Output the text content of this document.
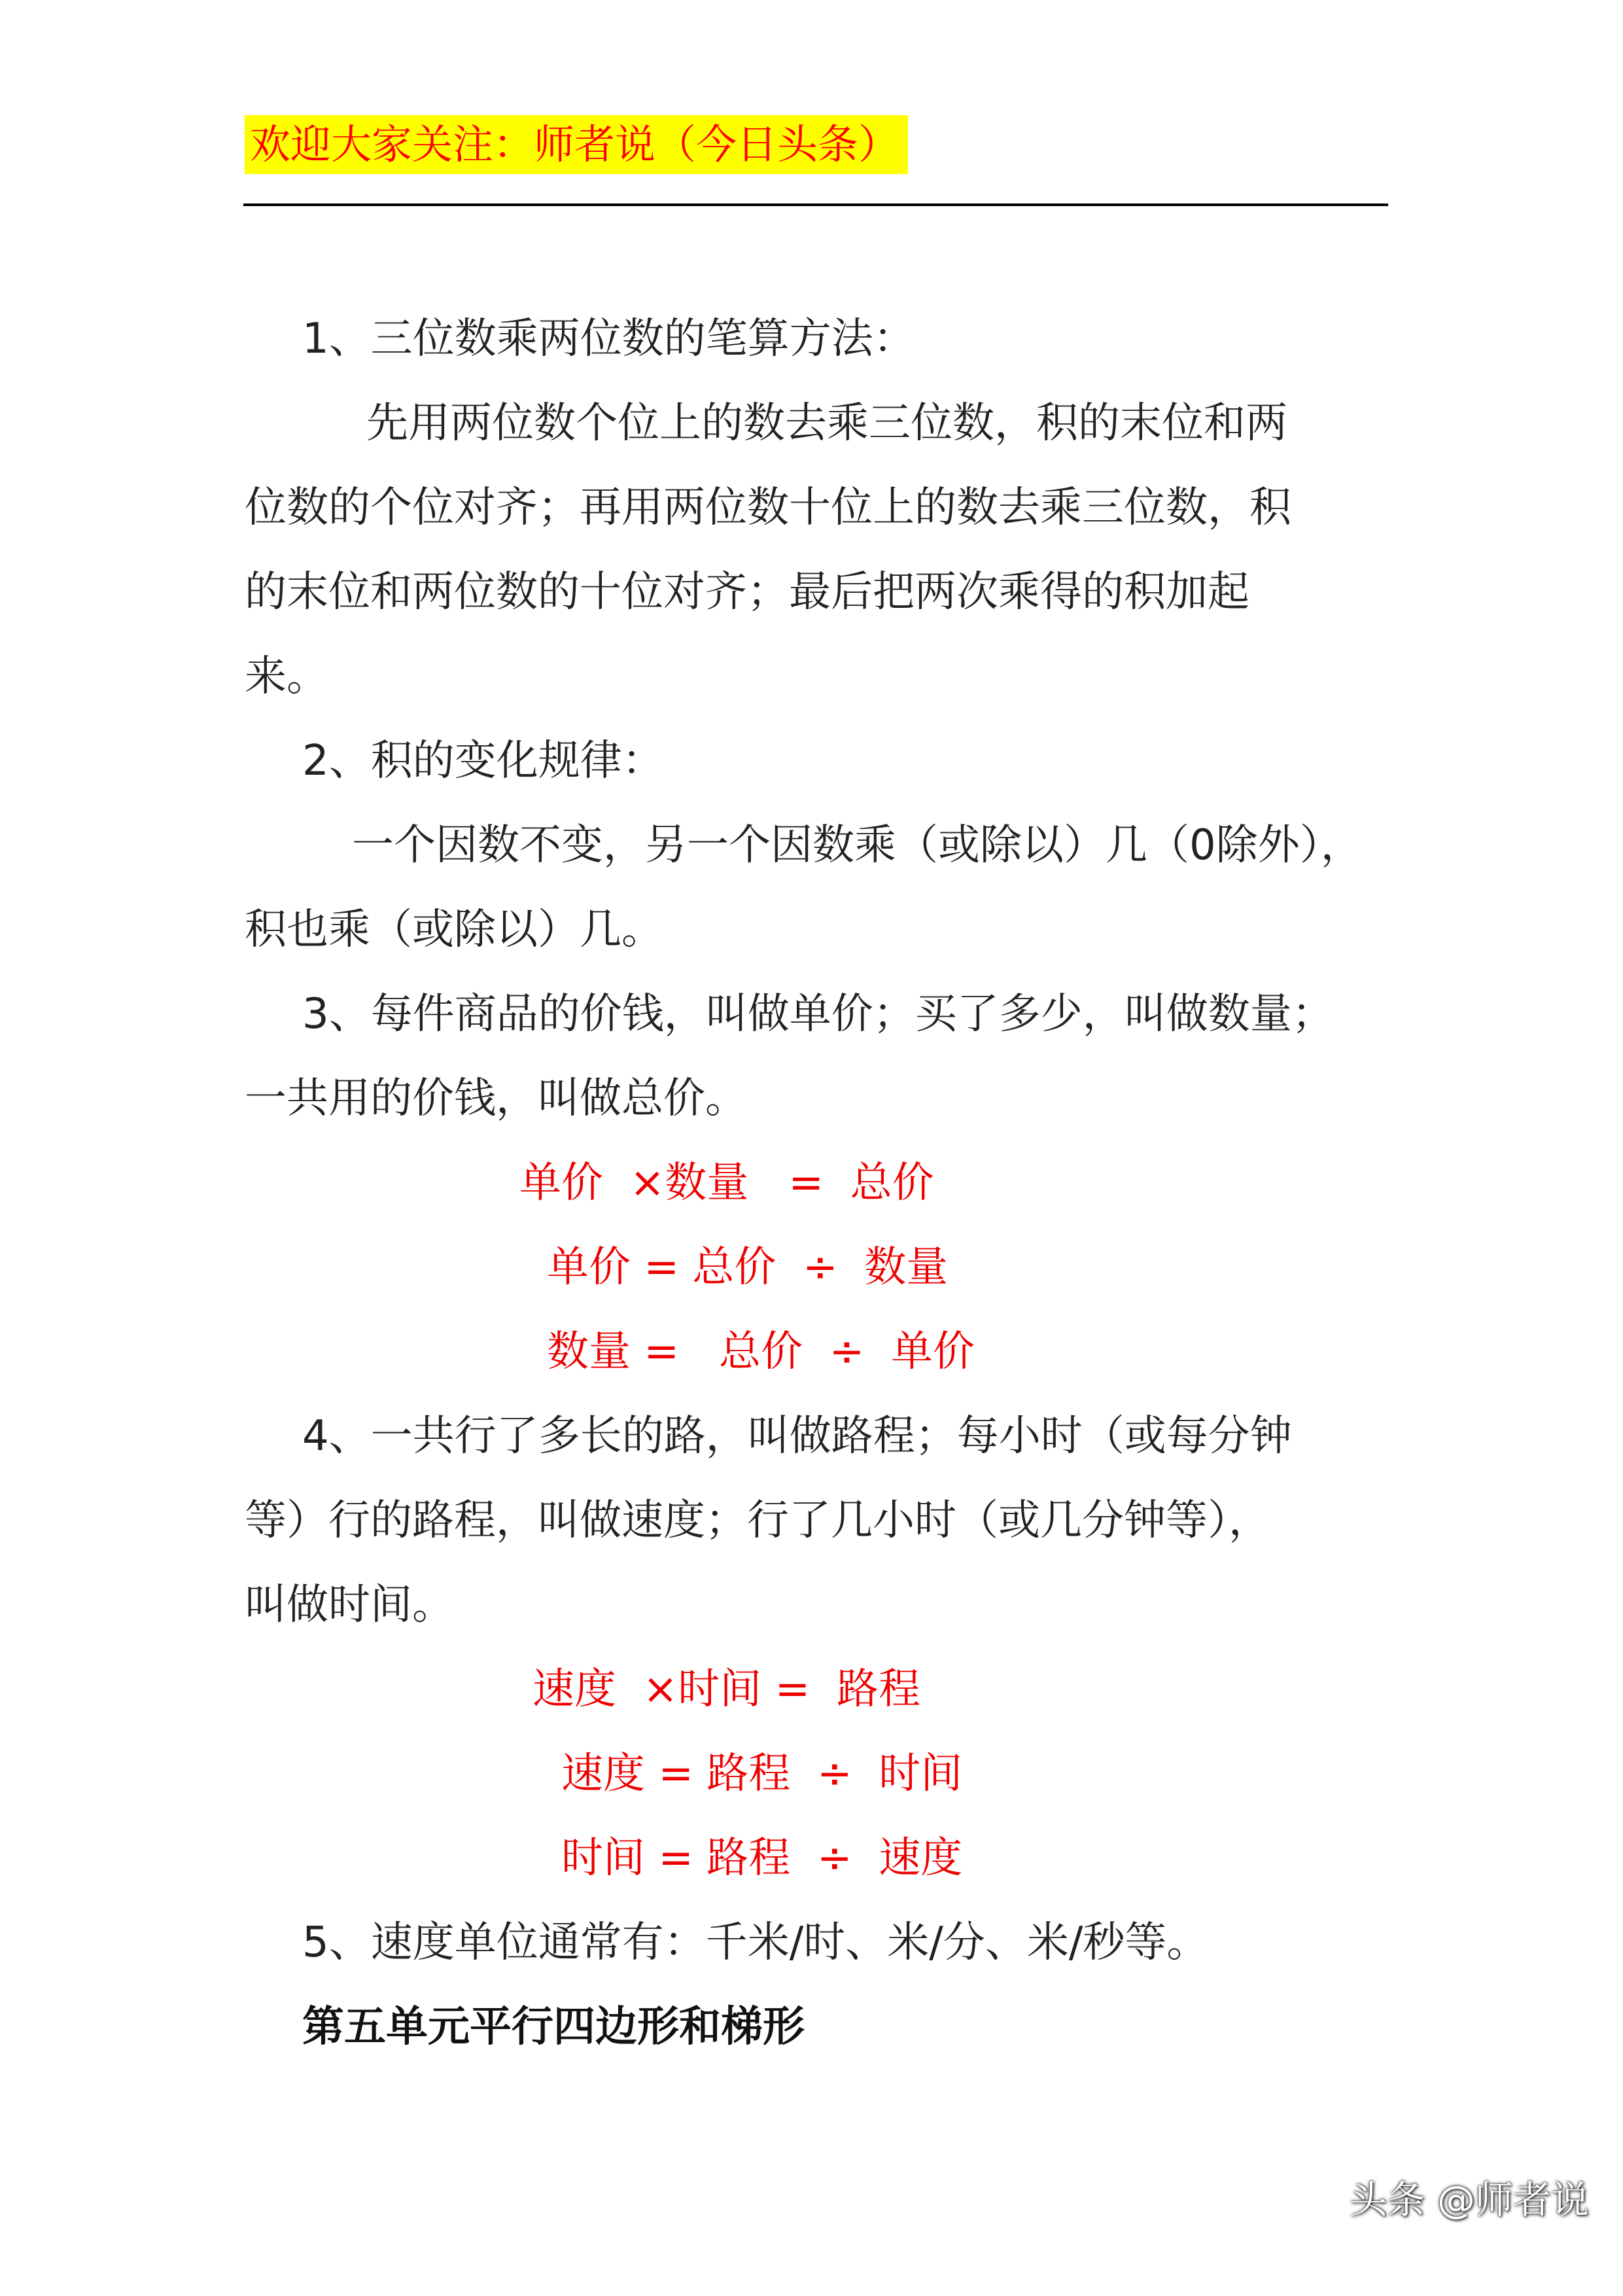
欢迎大家关注：师者说（今日头条）
1、三位数乘两位数的笔算方法：
先用两位数个位上的数去乘三位数，积的末位和两
位数的个位对齐；再用两位数十位上的数去乘三位数，积
的末位和两位数的十位对齐；最后把两次乘得的积加起
来。
2、积的变化规律：
一个因数不变，另一个因数乘（或除以）几（0除外），
积也乘（或除以）几。
3、每件商品的价钱，叫做单价；买了多少，叫做数量；
一共用的价钱，叫做总价。
单价  ×数量   =  总价
单价 = 总价  ÷  数量
数量 =   总价  ÷  单价
4、一共行了多长的路，叫做路程；每小时（或每分钟
等）行的路程，叫做速度；行了几小时（或几分钟等），
叫做时间。
速度  ×时间 =  路程
速度 = 路程  ÷  时间
时间 = 路程  ÷  速度
5、速度单位通常有：千米/时、米/分、米/秒等。
第五单元平行四边形和梯形
头条 @师者说
